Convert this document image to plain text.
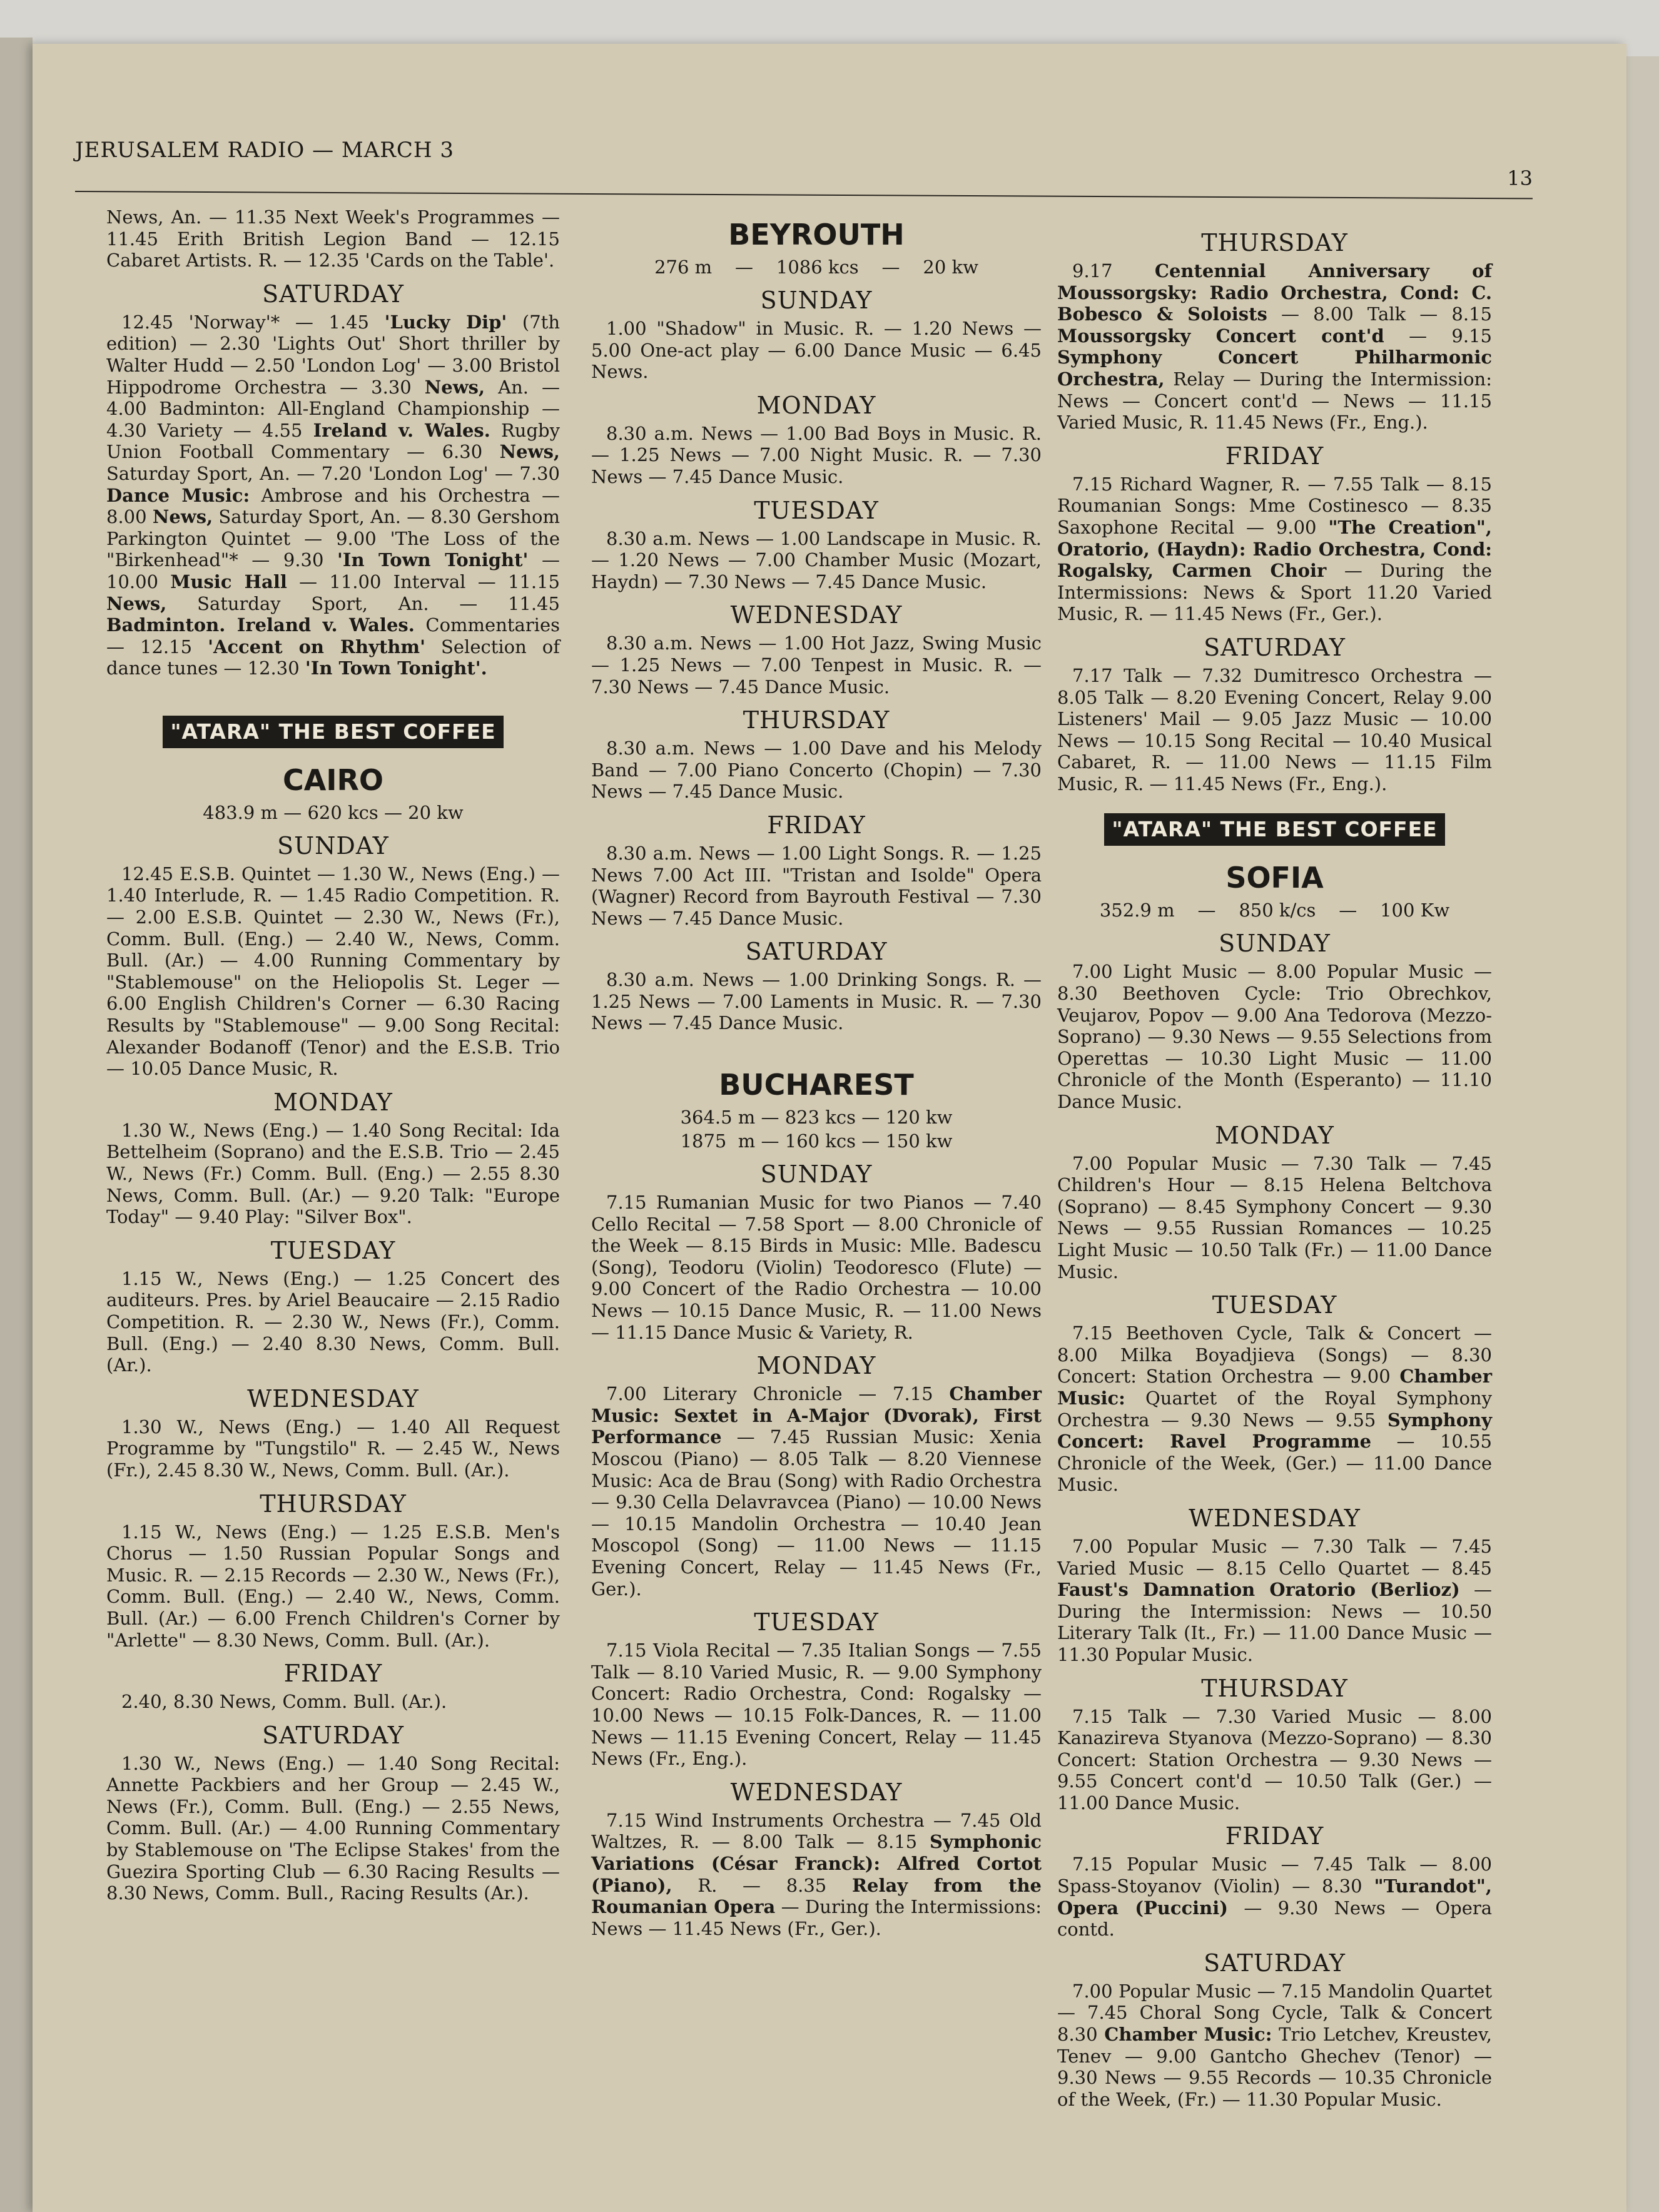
JERUSALEM RADIO — MARCH 3
13

News, An. — 11.35 Next Week's Programmes — 11.45 Erith British Legion Band — 12.15 Cabaret Artists. R. — 12.35 'Cards on the Table'.

SATURDAY

12.45 'Norway'* — 1.45 'Lucky Dip' (7th edition) — 2.30 'Lights Out' Short thriller by Walter Hudd — 2.50 'London Log' — 3.00 Bristol Hippodrome Orchestra — 3.30 News, An. — 4.00 Badminton: All-England Championship — 4.30 Variety — 4.55 Ireland v. Wales. Rugby Union Football Commentary — 6.30 News, Saturday Sport, An. — 7.20 'London Log' — 7.30 Dance Music: Ambrose and his Orchestra — 8.00 News, Saturday Sport, An. — 8.30 Gershom Parkington Quintet — 9.00 'The Loss of the "Birkenhead"* — 9.30 'In Town Tonight' — 10.00 Music Hall — 11.00 Interval — 11.15 News, Saturday Sport, An. — 11.45 Badminton. Ireland v. Wales. Commentaries — 12.15 'Accent on Rhythm' Selection of dance tunes — 12.30 'In Town Tonight'.

"ATARA" THE BEST COFFEE
CAIRO
483.9 m — 620 kcs — 20 kw
SUNDAY

12.45 E.S.B. Quintet — 1.30 W., News (Eng.) — 1.40 Interlude, R. — 1.45 Radio Competition. R. — 2.00 E.S.B. Quintet — 2.30 W., News (Fr.), Comm. Bull. (Eng.) — 2.40 W., News, Comm. Bull. (Ar.) — 4.00 Running Commentary by "Stablemouse" on the Heliopolis St. Leger — 6.00 English Children's Corner — 6.30 Racing Results by "Stablemouse" — 9.00 Song Recital: Alexander Bodanoff (Tenor) and the E.S.B. Trio — 10.05 Dance Music, R.

MONDAY

1.30 W., News (Eng.) — 1.40 Song Recital: Ida Bettelheim (Soprano) and the E.S.B. Trio — 2.45 W., News (Fr.) Comm. Bull. (Eng.) — 2.55 8.30 News, Comm. Bull. (Ar.) — 9.20 Talk: "Europe Today" — 9.40 Play: "Silver Box".

TUESDAY

1.15 W., News (Eng.) — 1.25 Concert des auditeurs. Pres. by Ariel Beaucaire — 2.15 Radio Competition. R. — 2.30 W., News (Fr.), Comm. Bull. (Eng.) — 2.40 8.30 News, Comm. Bull. (Ar.).

WEDNESDAY

1.30 W., News (Eng.) — 1.40 All Request Programme by "Tungstilo" R. — 2.45 W., News (Fr.), 2.45 8.30 W., News, Comm. Bull. (Ar.).

THURSDAY

1.15 W., News (Eng.) — 1.25 E.S.B. Men's Chorus — 1.50 Russian Popular Songs and Music. R. — 2.15 Records — 2.30 W., News (Fr.), Comm. Bull. (Eng.) — 2.40 W., News, Comm. Bull. (Ar.) — 6.00 French Children's Corner by "Arlette" — 8.30 News, Comm. Bull. (Ar.).

FRIDAY

2.40, 8.30 News, Comm. Bull. (Ar.).

SATURDAY

1.30 W., News (Eng.) — 1.40 Song Recital: Annette Packbiers and her Group — 2.45 W., News (Fr.), Comm. Bull. (Eng.) — 2.55 News, Comm. Bull. (Ar.) — 4.00 Running Commentary by Stablemouse on 'The Eclipse Stakes' from the Guezira Sporting Club — 6.30 Racing Results — 8.30 News, Comm. Bull., Racing Results (Ar.).

BEYROUTH
276 m    —    1086 kcs    —    20 kw
SUNDAY

1.00 "Shadow" in Music. R. — 1.20 News — 5.00 One-act play — 6.00 Dance Music — 6.45 News.

MONDAY

8.30 a.m. News — 1.00 Bad Boys in Music. R. — 1.25 News — 7.00 Night Music. R. — 7.30 News — 7.45 Dance Music.

TUESDAY

8.30 a.m. News — 1.00 Landscape in Music. R. — 1.20 News — 7.00 Chamber Music (Mozart, Haydn) — 7.30 News — 7.45 Dance Music.

WEDNESDAY

8.30 a.m. News — 1.00 Hot Jazz, Swing Music — 1.25 News — 7.00 Tenpest in Music. R. — 7.30 News — 7.45 Dance Music.

THURSDAY

8.30 a.m. News — 1.00 Dave and his Melody Band — 7.00 Piano Concerto (Chopin) — 7.30 News — 7.45 Dance Music.

FRIDAY

8.30 a.m. News — 1.00 Light Songs. R. — 1.25 News 7.00 Act III. "Tristan and Isolde" Opera (Wagner) Record from Bayrouth Festival — 7.30 News — 7.45 Dance Music.

SATURDAY

8.30 a.m. News — 1.00 Drinking Songs. R. — 1.25 News — 7.00 Laments in Music. R. — 7.30 News — 7.45 Dance Music.

BUCHAREST
364.5 m — 823 kcs — 120 kw
1875  m — 160 kcs — 150 kw
SUNDAY

7.15 Rumanian Music for two Pianos — 7.40 Cello Recital — 7.58 Sport — 8.00 Chronicle of the Week — 8.15 Birds in Music: Mlle. Badescu (Song), Teodoru (Violin) Teodoresco (Flute) — 9.00 Concert of the Radio Orchestra — 10.00 News — 10.15 Dance Music, R. — 11.00 News — 11.15 Dance Music & Variety, R.

MONDAY

7.00 Literary Chronicle — 7.15 Chamber Music: Sextet in A-Major (Dvorak), First Performance — 7.45 Russian Music: Xenia Moscou (Piano) — 8.05 Talk — 8.20 Viennese Music: Aca de Brau (Song) with Radio Orchestra — 9.30 Cella Delavravcea (Piano) — 10.00 News — 10.15 Mandolin Orchestra — 10.40 Jean Moscopol (Song) — 11.00 News — 11.15 Evening Concert, Relay — 11.45 News (Fr., Ger.).

TUESDAY

7.15 Viola Recital — 7.35 Italian Songs — 7.55 Talk — 8.10 Varied Music, R. — 9.00 Symphony Concert: Radio Orchestra, Cond: Rogalsky — 10.00 News — 10.15 Folk-Dances, R. — 11.00 News — 11.15 Evening Concert, Relay — 11.45 News (Fr., Eng.).

WEDNESDAY

7.15 Wind Instruments Orchestra — 7.45 Old Waltzes, R. — 8.00 Talk — 8.15 Symphonic Variations (César Franck): Alfred Cortot (Piano), R. — 8.35 Relay from the Roumanian Opera — During the Intermissions: News — 11.45 News (Fr., Ger.).

THURSDAY

9.17 Centennial Anniversary of Moussorgsky: Radio Orchestra, Cond: C. Bobesco & Soloists — 8.00 Talk — 8.15 Moussorgsky Concert cont'd — 9.15 Symphony Concert Philharmonic Orchestra, Relay — During the Intermission: News — Concert cont'd — News — 11.15 Varied Music, R. 11.45 News (Fr., Eng.).

FRIDAY

7.15 Richard Wagner, R. — 7.55 Talk — 8.15 Roumanian Songs: Mme Costinesco — 8.35 Saxophone Recital — 9.00 "The Creation", Oratorio, (Haydn): Radio Orchestra, Cond: Rogalsky, Carmen Choir — During the Intermissions: News & Sport 11.20 Varied Music, R. — 11.45 News (Fr., Ger.).

SATURDAY

7.17 Talk — 7.32 Dumitresco Orchestra — 8.05 Talk — 8.20 Evening Concert, Relay 9.00 Listeners' Mail — 9.05 Jazz Music — 10.00 News — 10.15 Song Recital — 10.40 Musical Cabaret, R. — 11.00 News — 11.15 Film Music, R. — 11.45 News (Fr., Eng.).

"ATARA" THE BEST COFFEE
SOFIA
352.9 m    —    850 k/cs    —    100 Kw
SUNDAY

7.00 Light Music — 8.00 Popular Music — 8.30 Beethoven Cycle: Trio Obrechkov, Veujarov, Popov — 9.00 Ana Tedorova (Mezzo-Soprano) — 9.30 News — 9.55 Selections from Operettas — 10.30 Light Music — 11.00 Chronicle of the Month (Esperanto) — 11.10 Dance Music.

MONDAY

7.00 Popular Music — 7.30 Talk — 7.45 Children's Hour — 8.15 Helena Beltchova (Soprano) — 8.45 Symphony Concert — 9.30 News — 9.55 Russian Romances — 10.25 Light Music — 10.50 Talk (Fr.) — 11.00 Dance Music.

TUESDAY

7.15 Beethoven Cycle, Talk & Concert — 8.00 Milka Boyadjieva (Songs) — 8.30 Concert: Station Orchestra — 9.00 Chamber Music: Quartet of the Royal Symphony Orchestra — 9.30 News — 9.55 Symphony Concert: Ravel Programme — 10.55 Chronicle of the Week, (Ger.) — 11.00 Dance Music.

WEDNESDAY

7.00 Popular Music — 7.30 Talk — 7.45 Varied Music — 8.15 Cello Quartet — 8.45 Faust's Damnation Oratorio (Berlioz) — During the Intermission: News — 10.50 Literary Talk (It., Fr.) — 11.00 Dance Music — 11.30 Popular Music.

THURSDAY

7.15 Talk — 7.30 Varied Music — 8.00 Kanazireva Styanova (Mezzo-Soprano) — 8.30 Concert: Station Orchestra — 9.30 News — 9.55 Concert cont'd — 10.50 Talk (Ger.) — 11.00 Dance Music.

FRIDAY

7.15 Popular Music — 7.45 Talk — 8.00 Spass-Stoyanov (Violin) — 8.30 "Turandot", Opera (Puccini) — 9.30 News — Opera contd.

SATURDAY

7.00 Popular Music — 7.15 Mandolin Quartet — 7.45 Choral Song Cycle, Talk & Concert 8.30 Chamber Music: Trio Letchev, Kreustev, Tenev — 9.00 Gantcho Ghechev (Tenor) — 9.30 News — 9.55 Records — 10.35 Chronicle of the Week, (Fr.) — 11.30 Popular Music.
